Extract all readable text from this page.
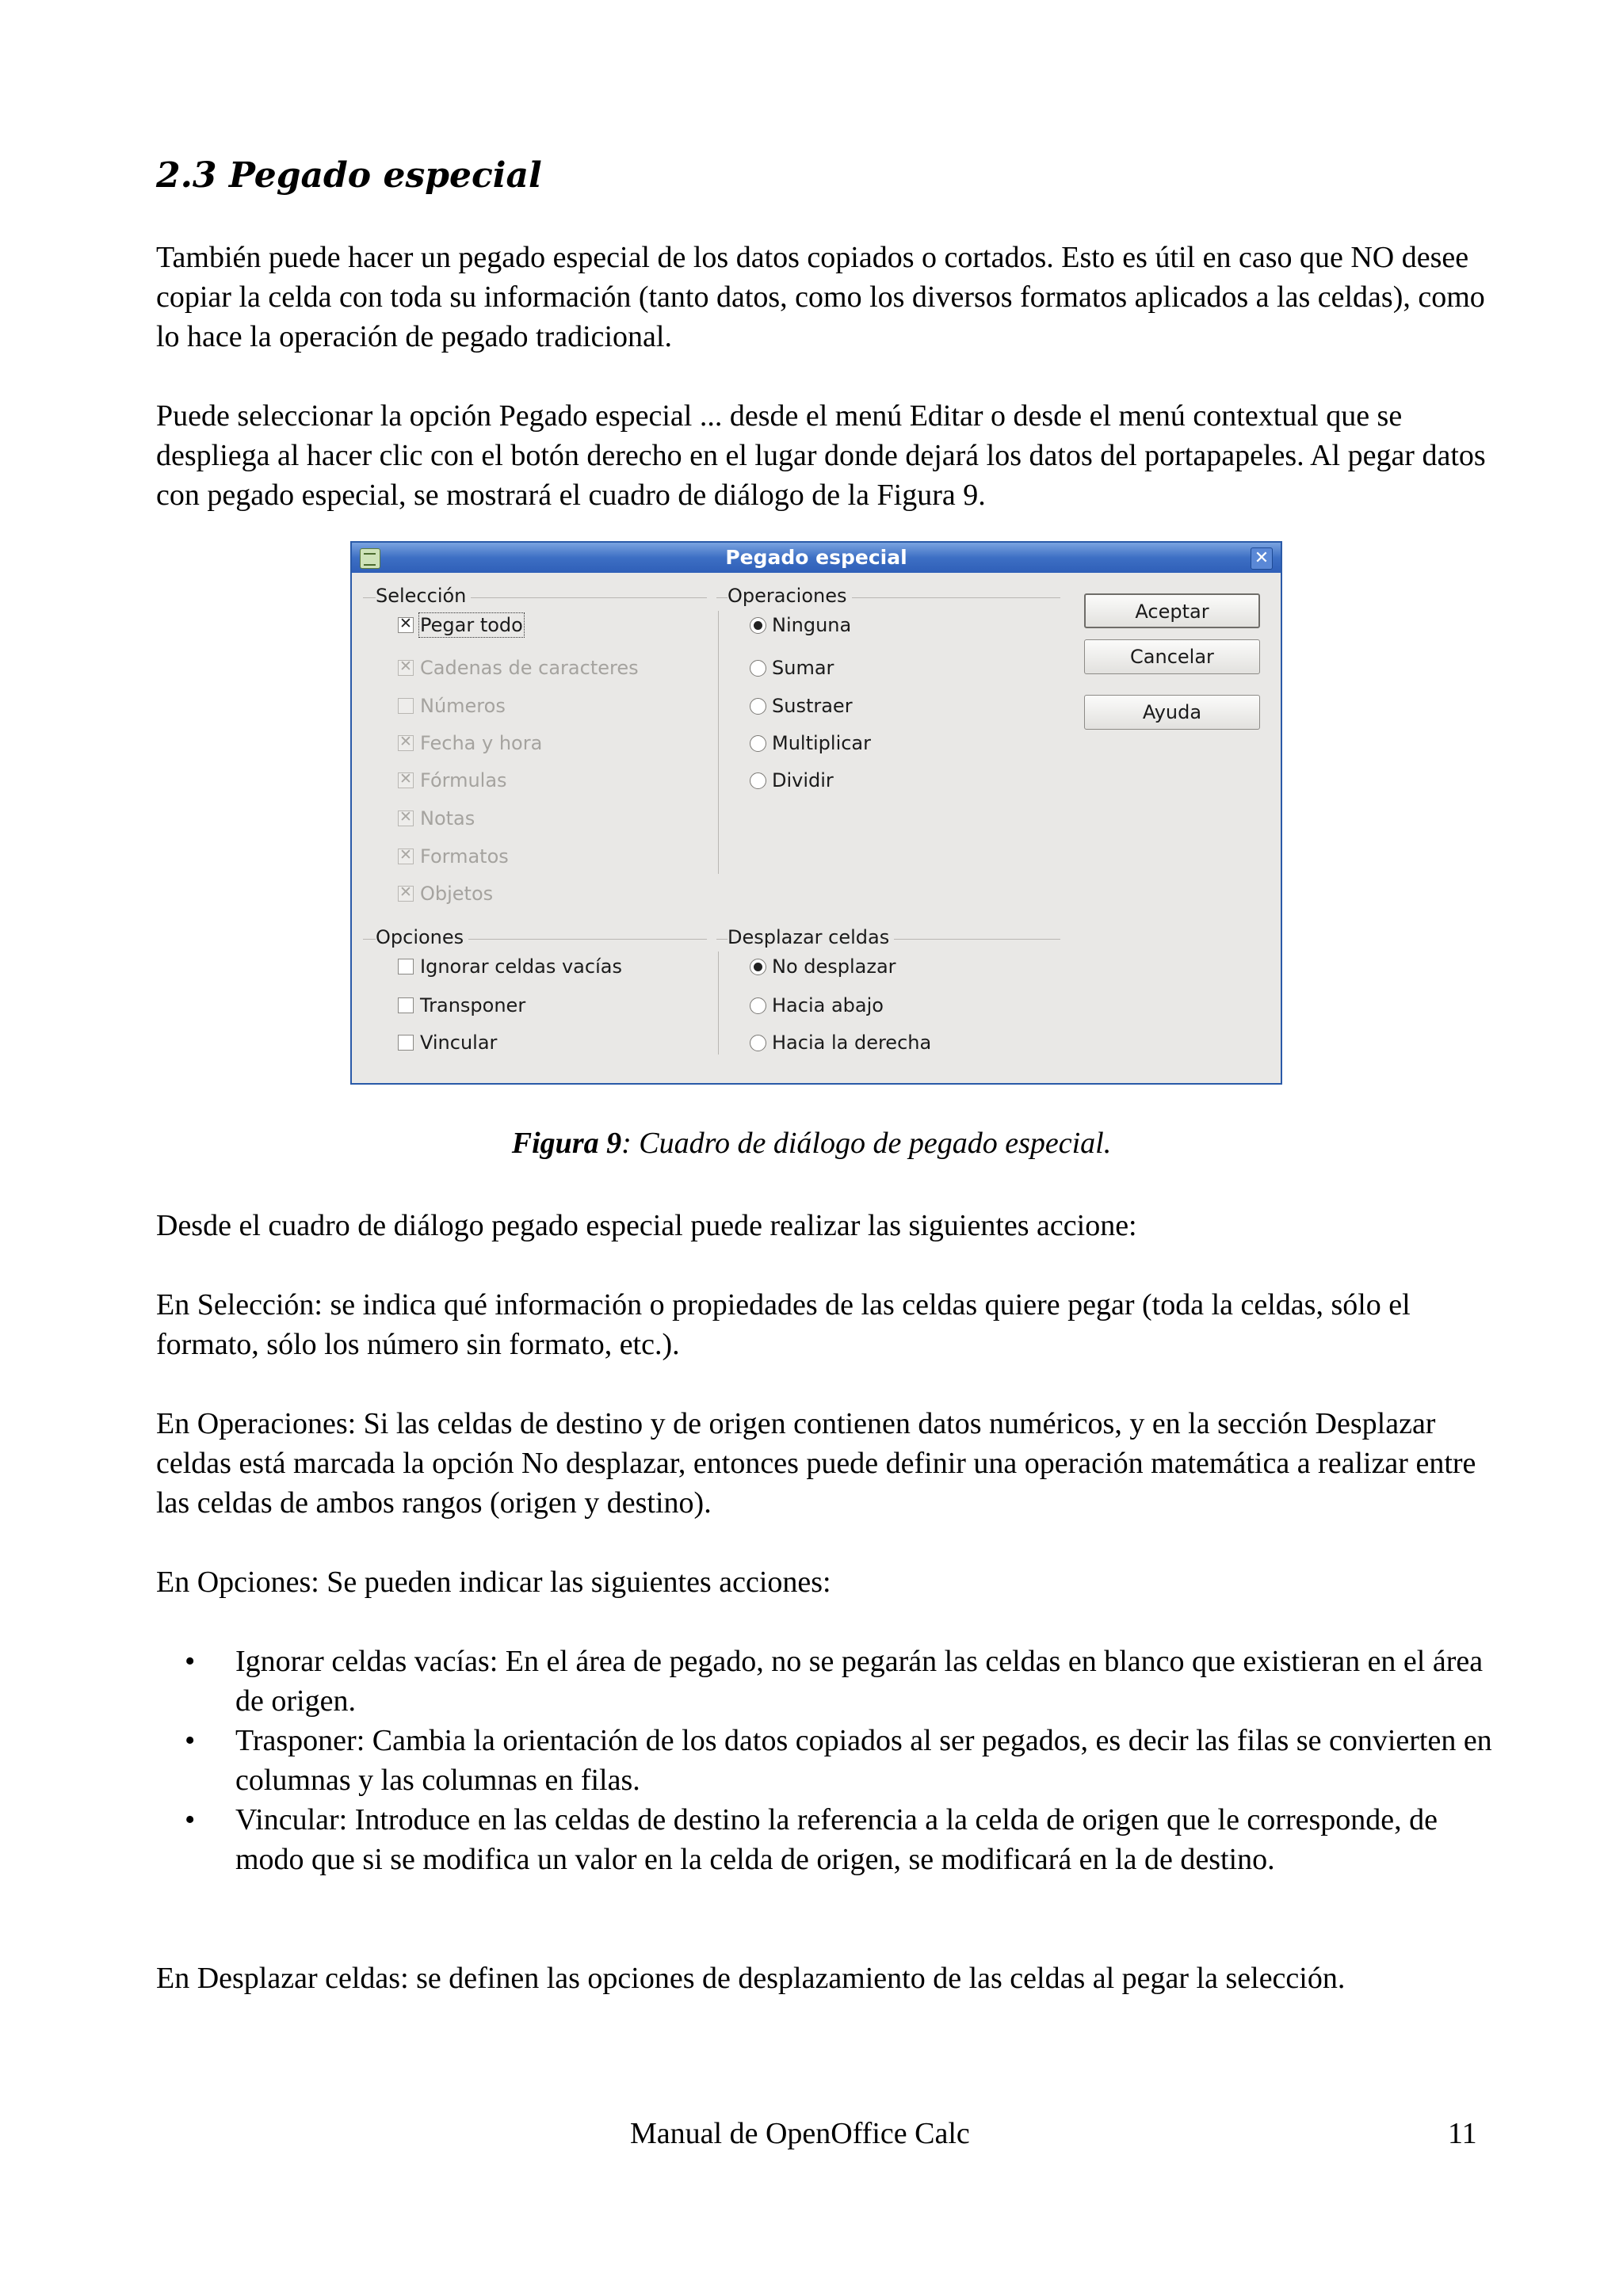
2.3 Pegado especial

También puede hacer un pegado especial de los datos copiados o cortados. Esto es útil en caso que NO desee copiar la celda con toda su información (tanto datos, como los diversos formatos aplicados a las celdas), como lo hace la operación de pegado tradicional.

Puede seleccionar la opción Pegado especial ... desde el menú Editar o desde el menú contextual que se despliega al hacer clic con el botón derecho en el lugar donde dejará los datos del portapapeles. Al pegar datos con pegado especial, se mostrará el cuadro de diálogo de la Figura 9.

Pegado especial	✕
Selección
✕
Pegar todo
✕
Cadenas de caracteres
Números
✕
Fecha y hora
✕
Fórmulas
✕
Notas
✕
Formatos
✕
Objetos
Operaciones
Ninguna
Sumar
Sustraer
Multiplicar
Dividir
Opciones
Ignorar celdas vacías
Transponer
Vincular
Desplazar celdas
No desplazar
Hacia abajo
Hacia la derecha
Aceptar
Cancelar
Ayuda
Figura 9: Cuadro de diálogo de pegado especial.

Desde el cuadro de diálogo pegado especial puede realizar las siguientes accione:

En Selección: se indica qué información o propiedades de las celdas quiere pegar (toda la celdas, sólo el formato, sólo los número sin formato, etc.).

En Operaciones: Si las celdas de destino y de origen contienen datos numéricos, y en la sección Desplazar celdas está marcada la opción No desplazar, entonces puede definir una operación matemática a realizar entre las celdas de ambos rangos (origen y destino).

En Opciones: Se pueden indicar las siguientes acciones:

• Ignorar celdas vacías: En el área de pegado, no se pegarán las celdas en blanco que existieran en el área de origen.
• Trasponer: Cambia la orientación de los datos copiados al ser pegados, es decir las filas se convierten en columnas y las columnas en filas.
• Vincular: Introduce en las celdas de destino la referencia a la celda de origen que le corresponde, de modo que si se modifica un valor en la celda de origen, se modificará en la de destino.

En Desplazar celdas: se definen las opciones de desplazamiento de las celdas al pegar la selección.

Manual de OpenOffice Calc	11
